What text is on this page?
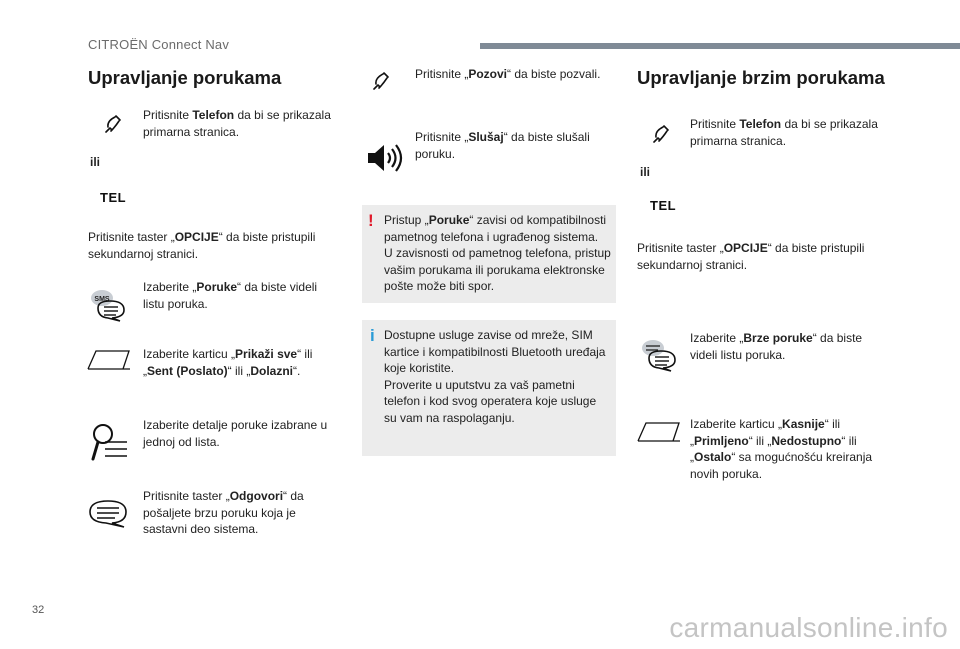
CITROËN Connect Nav
Upravljanje porukama
Pritisnite Telefon da bi se prikazala primarna stranica.
ili
TEL
Pritisnite taster „OPCIJE“ da biste pristupili sekundarnoj stranici.
SMS
Izaberite „Poruke“ da biste videli listu poruka.
Izaberite karticu „Prikaži sve“ ili „Sent (Poslato)“ ili „Dolazni“.
Izaberite detalje poruke izabrane u jednoj od lista.
Pritisnite taster „Odgovori“ da pošaljete brzu poruku koja je sastavni deo sistema.
Pritisnite „Pozovi“ da biste pozvali.
Pritisnite „Slušaj“ da biste slušali poruku.
! Pristup „Poruke“ zavisi od kompatibilnosti pametnog telefona i ugrađenog sistema.
U zavisnosti od pametnog telefona, pristup vašim porukama ili porukama elektronske pošte može biti spor.
i Dostupne usluge zavise od mreže, SIM kartice i kompatibilnosti Bluetooth uređaja koje koristite.
Proverite u uputstvu za vaš pametni telefon i kod svog operatera koje usluge su vam na raspolaganju.
Upravljanje brzim porukama
Pritisnite Telefon da bi se prikazala primarna stranica.
ili
TEL
Pritisnite taster „OPCIJE“ da biste pristupili sekundarnoj stranici.
Izaberite „Brze poruke“ da biste videli listu poruka.
Izaberite karticu „Kasnije“ ili „Primljeno“ ili „Nedostupno“ ili „Ostalo“ sa mogućnošću kreiranja novih poruka.
32
carmanualsonline.info
